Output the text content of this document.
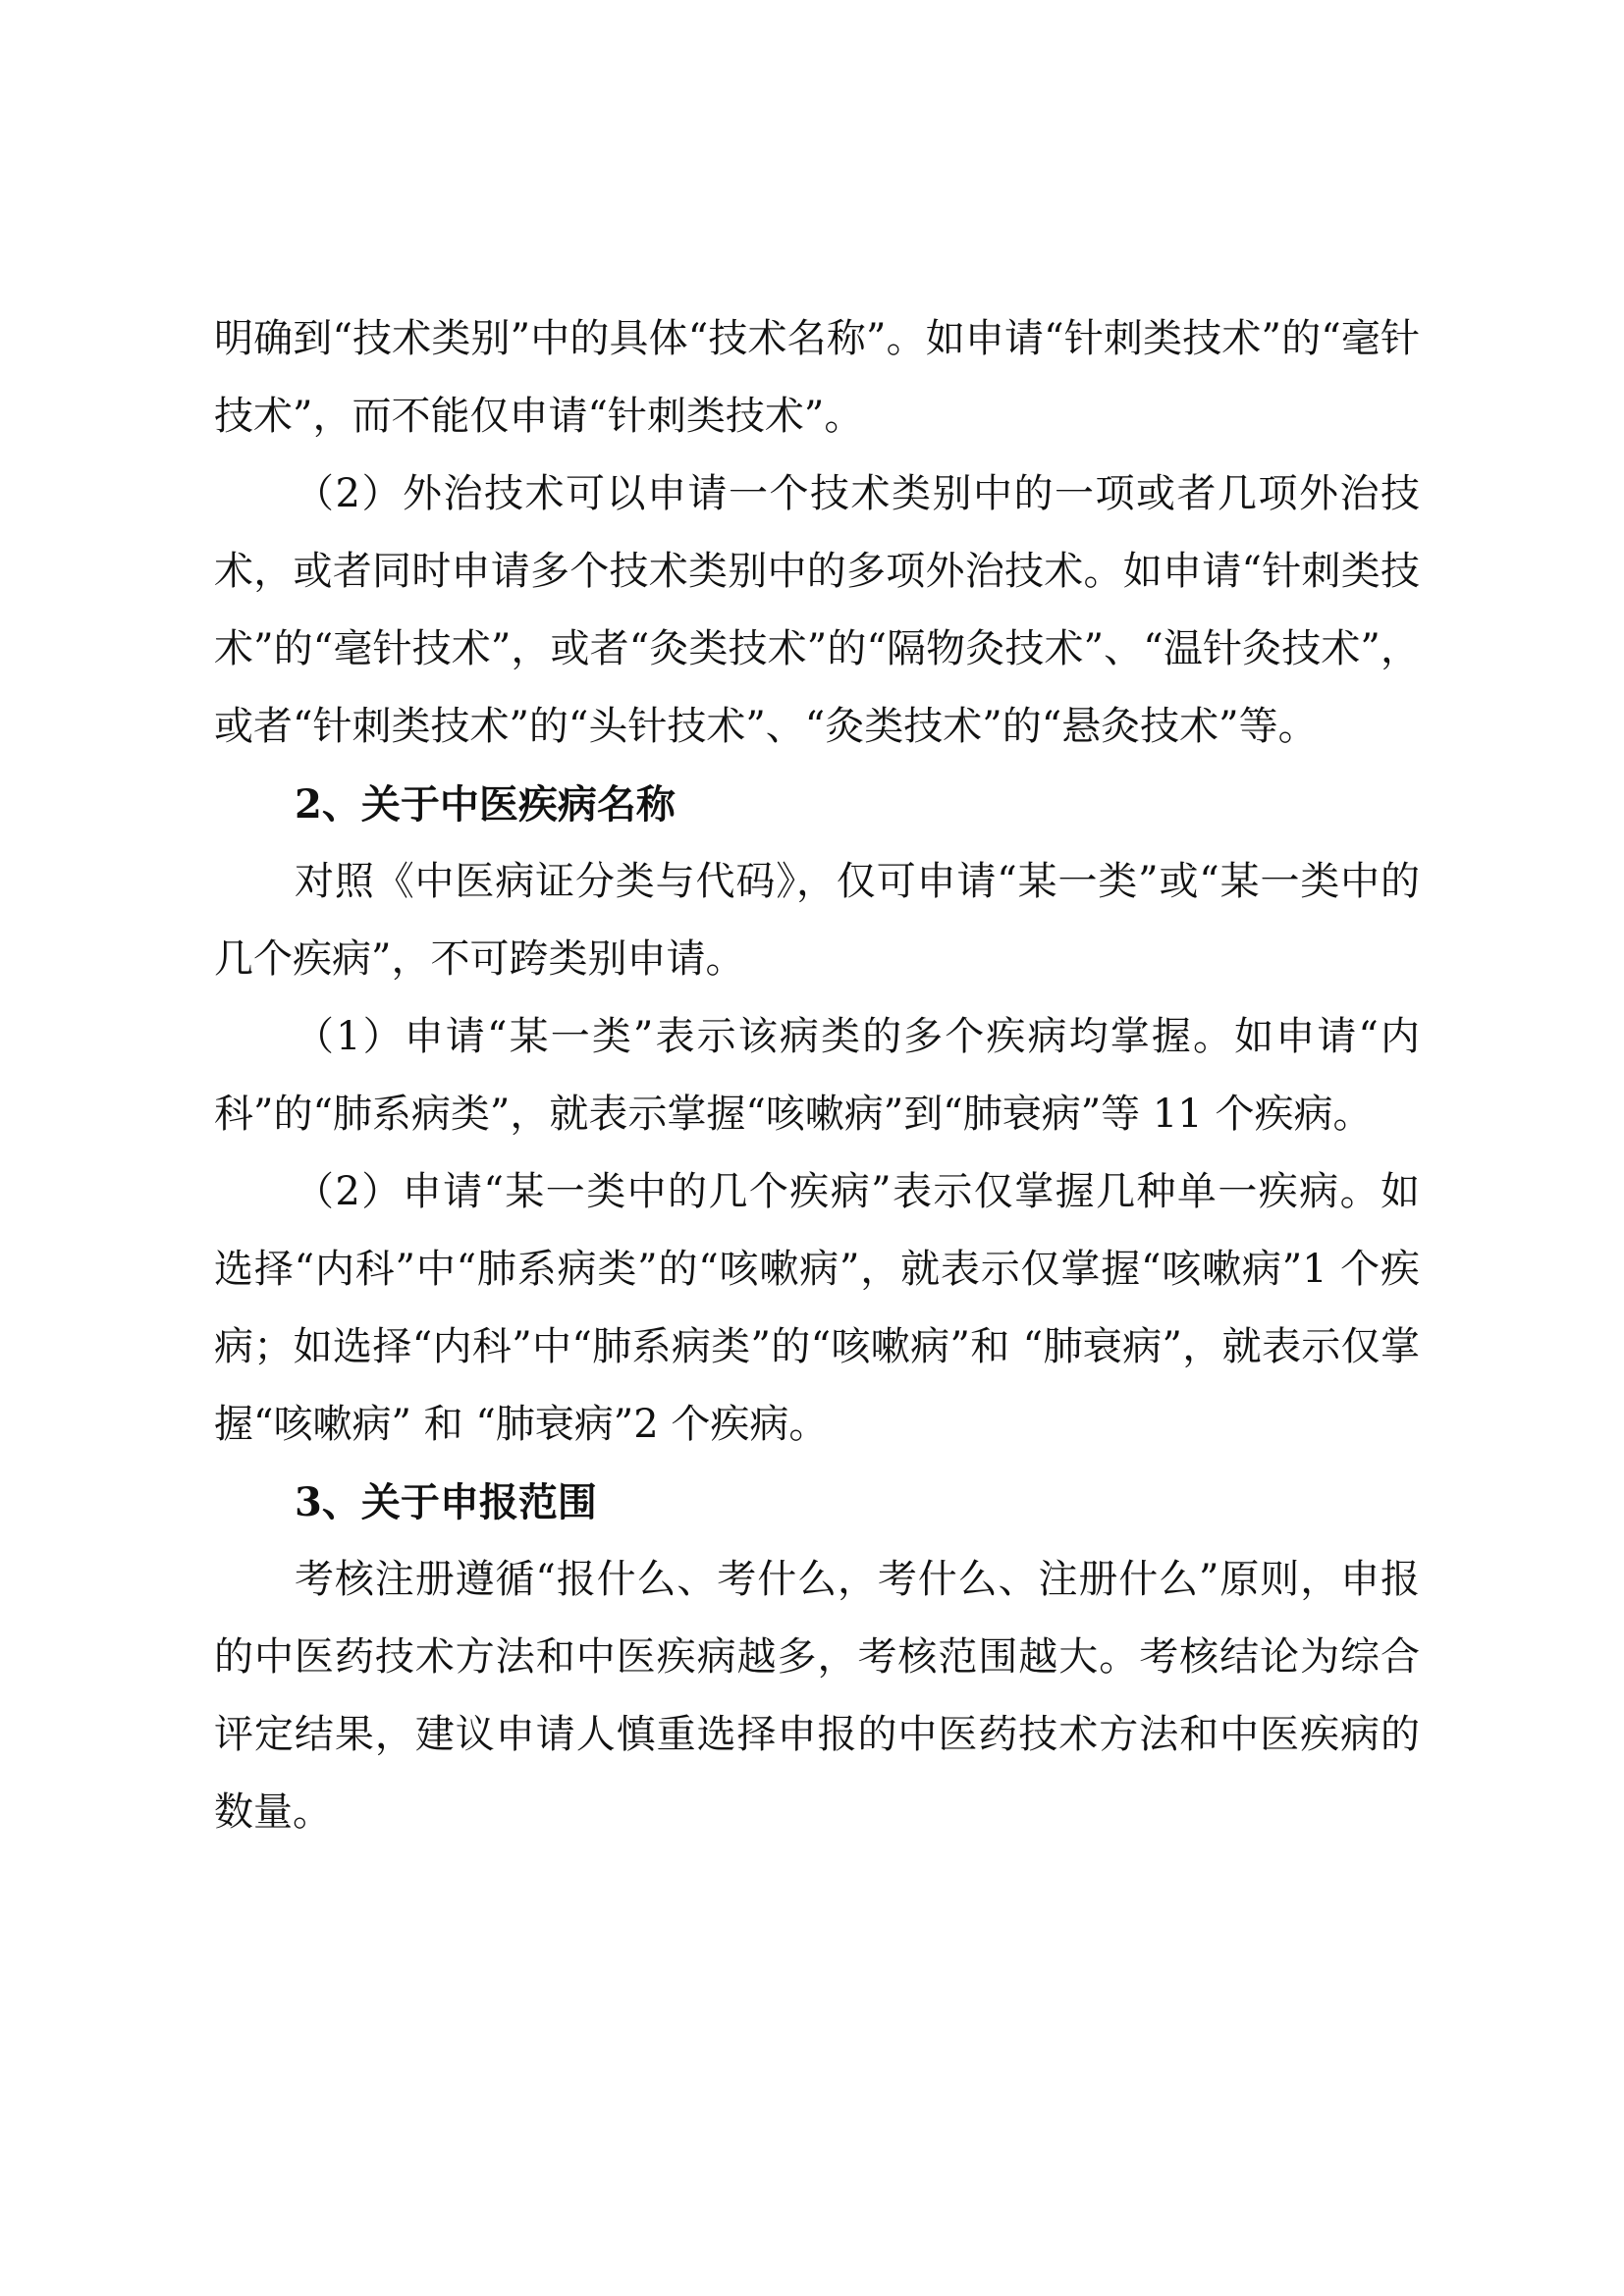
明确到“技术类别”中的具体“技术名称”。如申请“针刺类技术”的“毫针技术”，而不能仅申请“针刺类技术”。

（2）外治技术可以申请一个技术类别中的一项或者几项外治技术，或者同时申请多个技术类别中的多项外治技术。如申请“针刺类技术”的“毫针技术”，或者“灸类技术”的“隔物灸技术”、“温针灸技术”，或者“针刺类技术”的“头针技术”、“灸类技术”的“悬灸技术”等。

2、关于中医疾病名称

对照《中医病证分类与代码》，仅可申请“某一类”或“某一类中的几个疾病”，不可跨类别申请。

（1）申请“某一类”表示该病类的多个疾病均掌握。如申请“内科”的“肺系病类”，就表示掌握“咳嗽病”到“肺衰病”等 11 个疾病。

（2）申请“某一类中的几个疾病”表示仅掌握几种单一疾病。如选择“内科”中“肺系病类”的“咳嗽病”，就表示仅掌握“咳嗽病”1 个疾病；如选择“内科”中“肺系病类”的“咳嗽病”和 “肺衰病”，就表示仅掌握“咳嗽病” 和 “肺衰病”2 个疾病。

3、关于申报范围

考核注册遵循“报什么、考什么，考什么、注册什么”原则，申报的中医药技术方法和中医疾病越多，考核范围越大。考核结论为综合评定结果，建议申请人慎重选择申报的中医药技术方法和中医疾病的数量。
